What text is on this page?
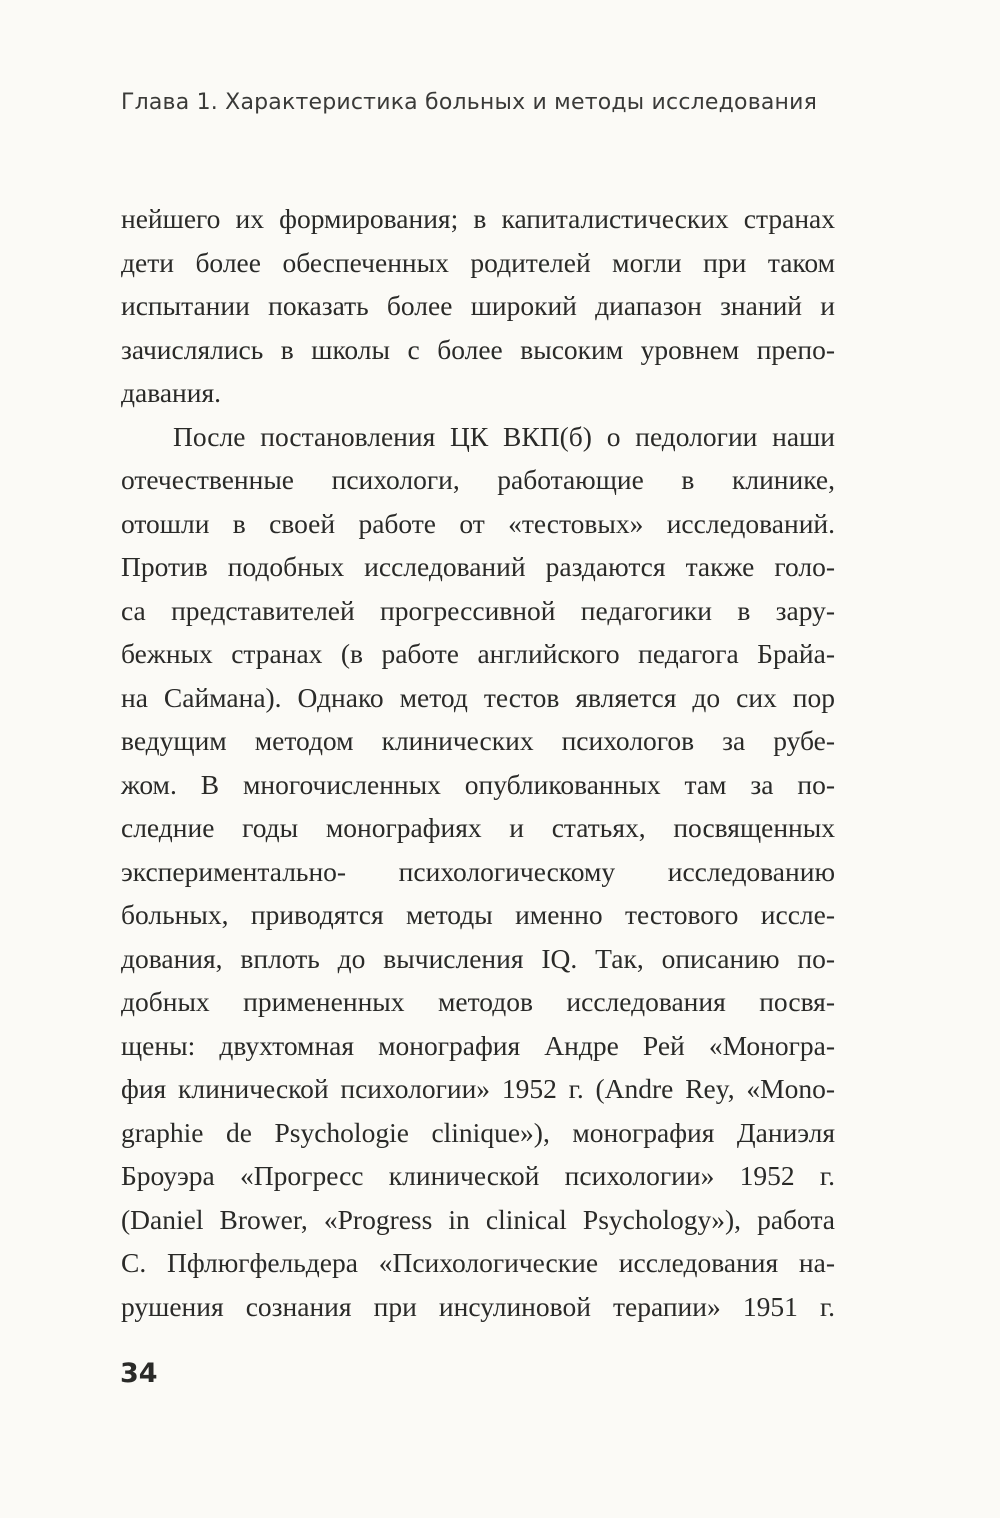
Глава 1. Характеристика больных и методы исследования
нейшего их формирования; в капиталистических странах
дети более обеспеченных родителей могли при таком
испытании показать более широкий диапазон знаний и
зачислялись в школы с более высоким уровнем препо-
давания.
После постановления ЦК ВКП(б) о педологии наши
отечественные психологи, работающие в клинике,
отошли в своей работе от «тестовых» исследований.
Против подобных исследований раздаются также голо-
са представителей прогрессивной педагогики в зару-
бежных странах (в работе английского педагога Брайа-
на Саймана). Однако метод тестов является до сих пор
ведущим методом клинических психологов за рубе-
жом. В многочисленных опубликованных там за по-
следние годы монографиях и статьях, посвященных
экспериментально- психологическому исследованию
больных, приводятся методы именно тестового иссле-
дования, вплоть до вычисления IQ. Так, описанию по-
добных примененных методов исследования посвя-
щены: двухтомная монография Андре Рей «Моногра-
фия клинической психологии» 1952 г. (Andre Rey, «Mono-
graphie de Psychologie clinique»), монография Даниэля
Броуэра «Прогресс клинической психологии» 1952 г.
(Daniel Brower, «Progress in clinical Psychology»), работа
С. Пфлюгфельдера «Психологические исследования на-
рушения сознания при инсулиновой терапии» 1951 г.
34
